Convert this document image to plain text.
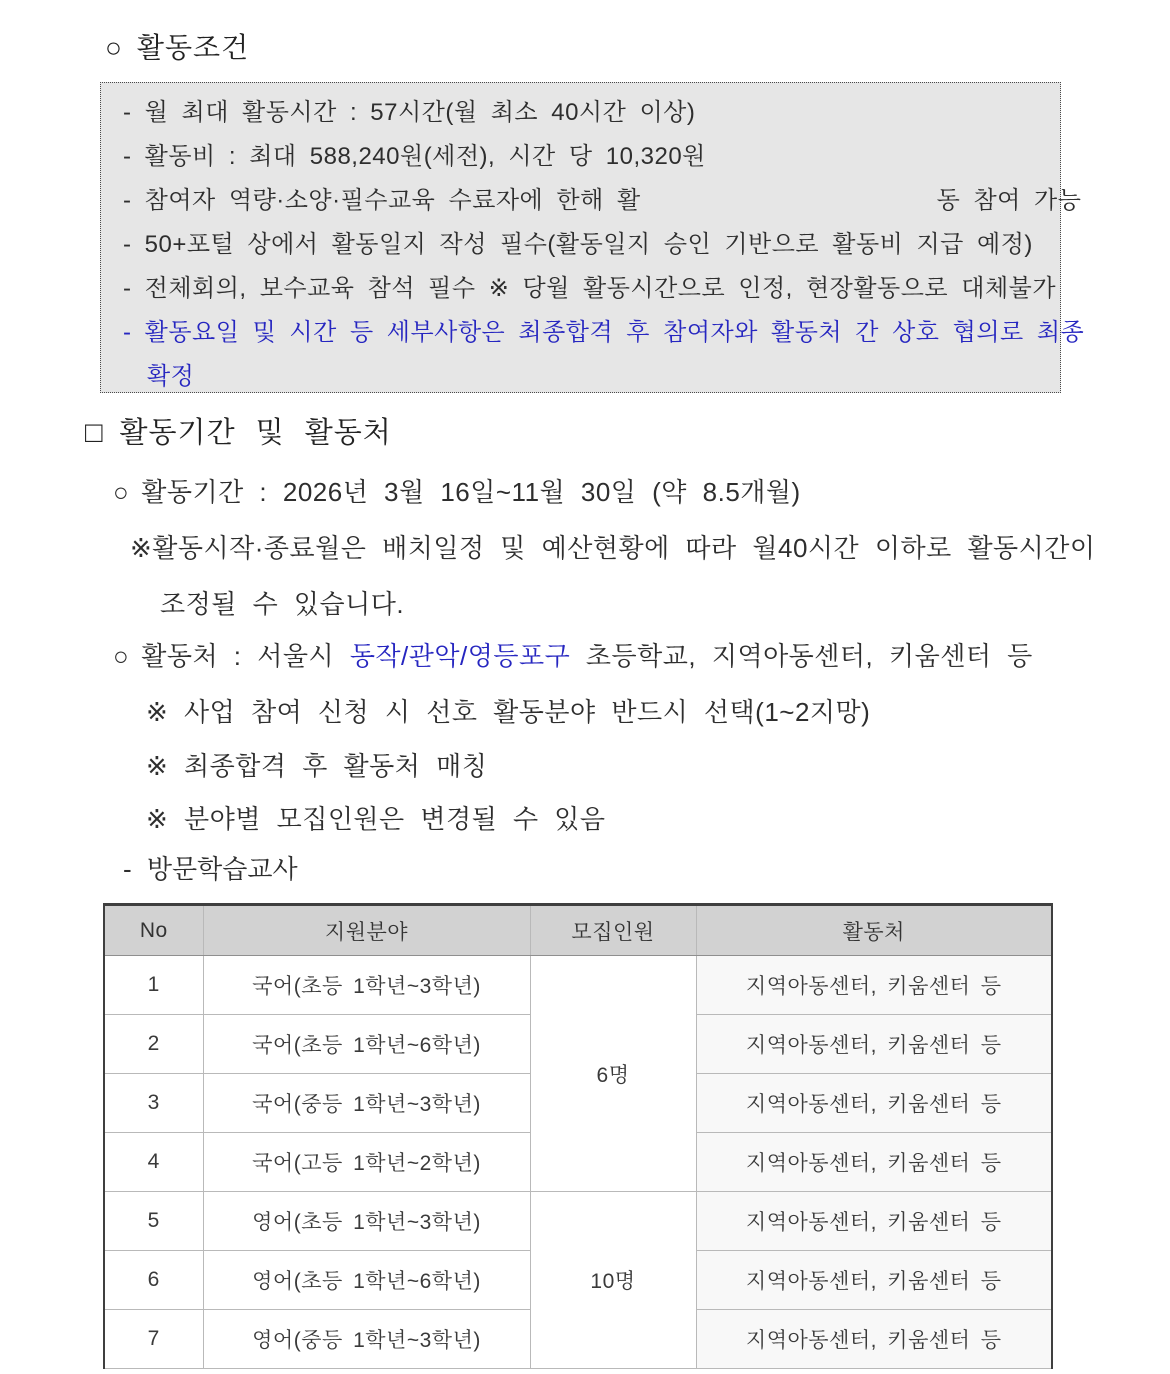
○ 활동조건
- 월 최대 활동시간 : 57시간(월 최소 40시간 이상)
- 활동비 : 최대 588,240원(세전), 시간 당 10,320원
- 참여자 역량·소양·필수교육 수료자에 한해 활	동 참여 가능
- 50+포털 상에서 활동일지 작성 필수(활동일지 승인 기반으로 활동비 지급 예정)
- 전체회의, 보수교육 참석 필수 ※ 당월 활동시간으로 인정, 현장활동으로 대체불가
- 활동요일 및 시간 등 세부사항은 최종합격 후 참여자와 활동처 간 상호 협의로 최종
확정
□ 활동기간 및 활동처
○ 활동기간 : 2026년 3월 16일~11월 30일 (약 8.5개월)
※활동시작·종료월은 배치일정 및 예산현황에 따라 월40시간 이하로 활동시간이
조정될 수 있습니다.
○ 활동처 : 서울시 동작/관악/영등포구 초등학교, 지역아동센터, 키움센터 등
※ 사업 참여 신청 시 선호 활동분야 반드시 선택(1~2지망)
※ 최종합격 후 활동처 매칭
※ 분야별 모집인원은 변경될 수 있음
- 방문학습교사
No	지원분야	모집인원	활동처
1	국어(초등 1학년~3학년)	6명	지역아동센터, 키움센터 등
2	국어(초등 1학년~6학년)		지역아동센터, 키움센터 등
3	국어(중등 1학년~3학년)		지역아동센터, 키움센터 등
4	국어(고등 1학년~2학년)		지역아동센터, 키움센터 등
5	영어(초등 1학년~3학년)	10명	지역아동센터, 키움센터 등
6	영어(초등 1학년~6학년)		지역아동센터, 키움센터 등
7	영어(중등 1학년~3학년)		지역아동센터, 키움센터 등
